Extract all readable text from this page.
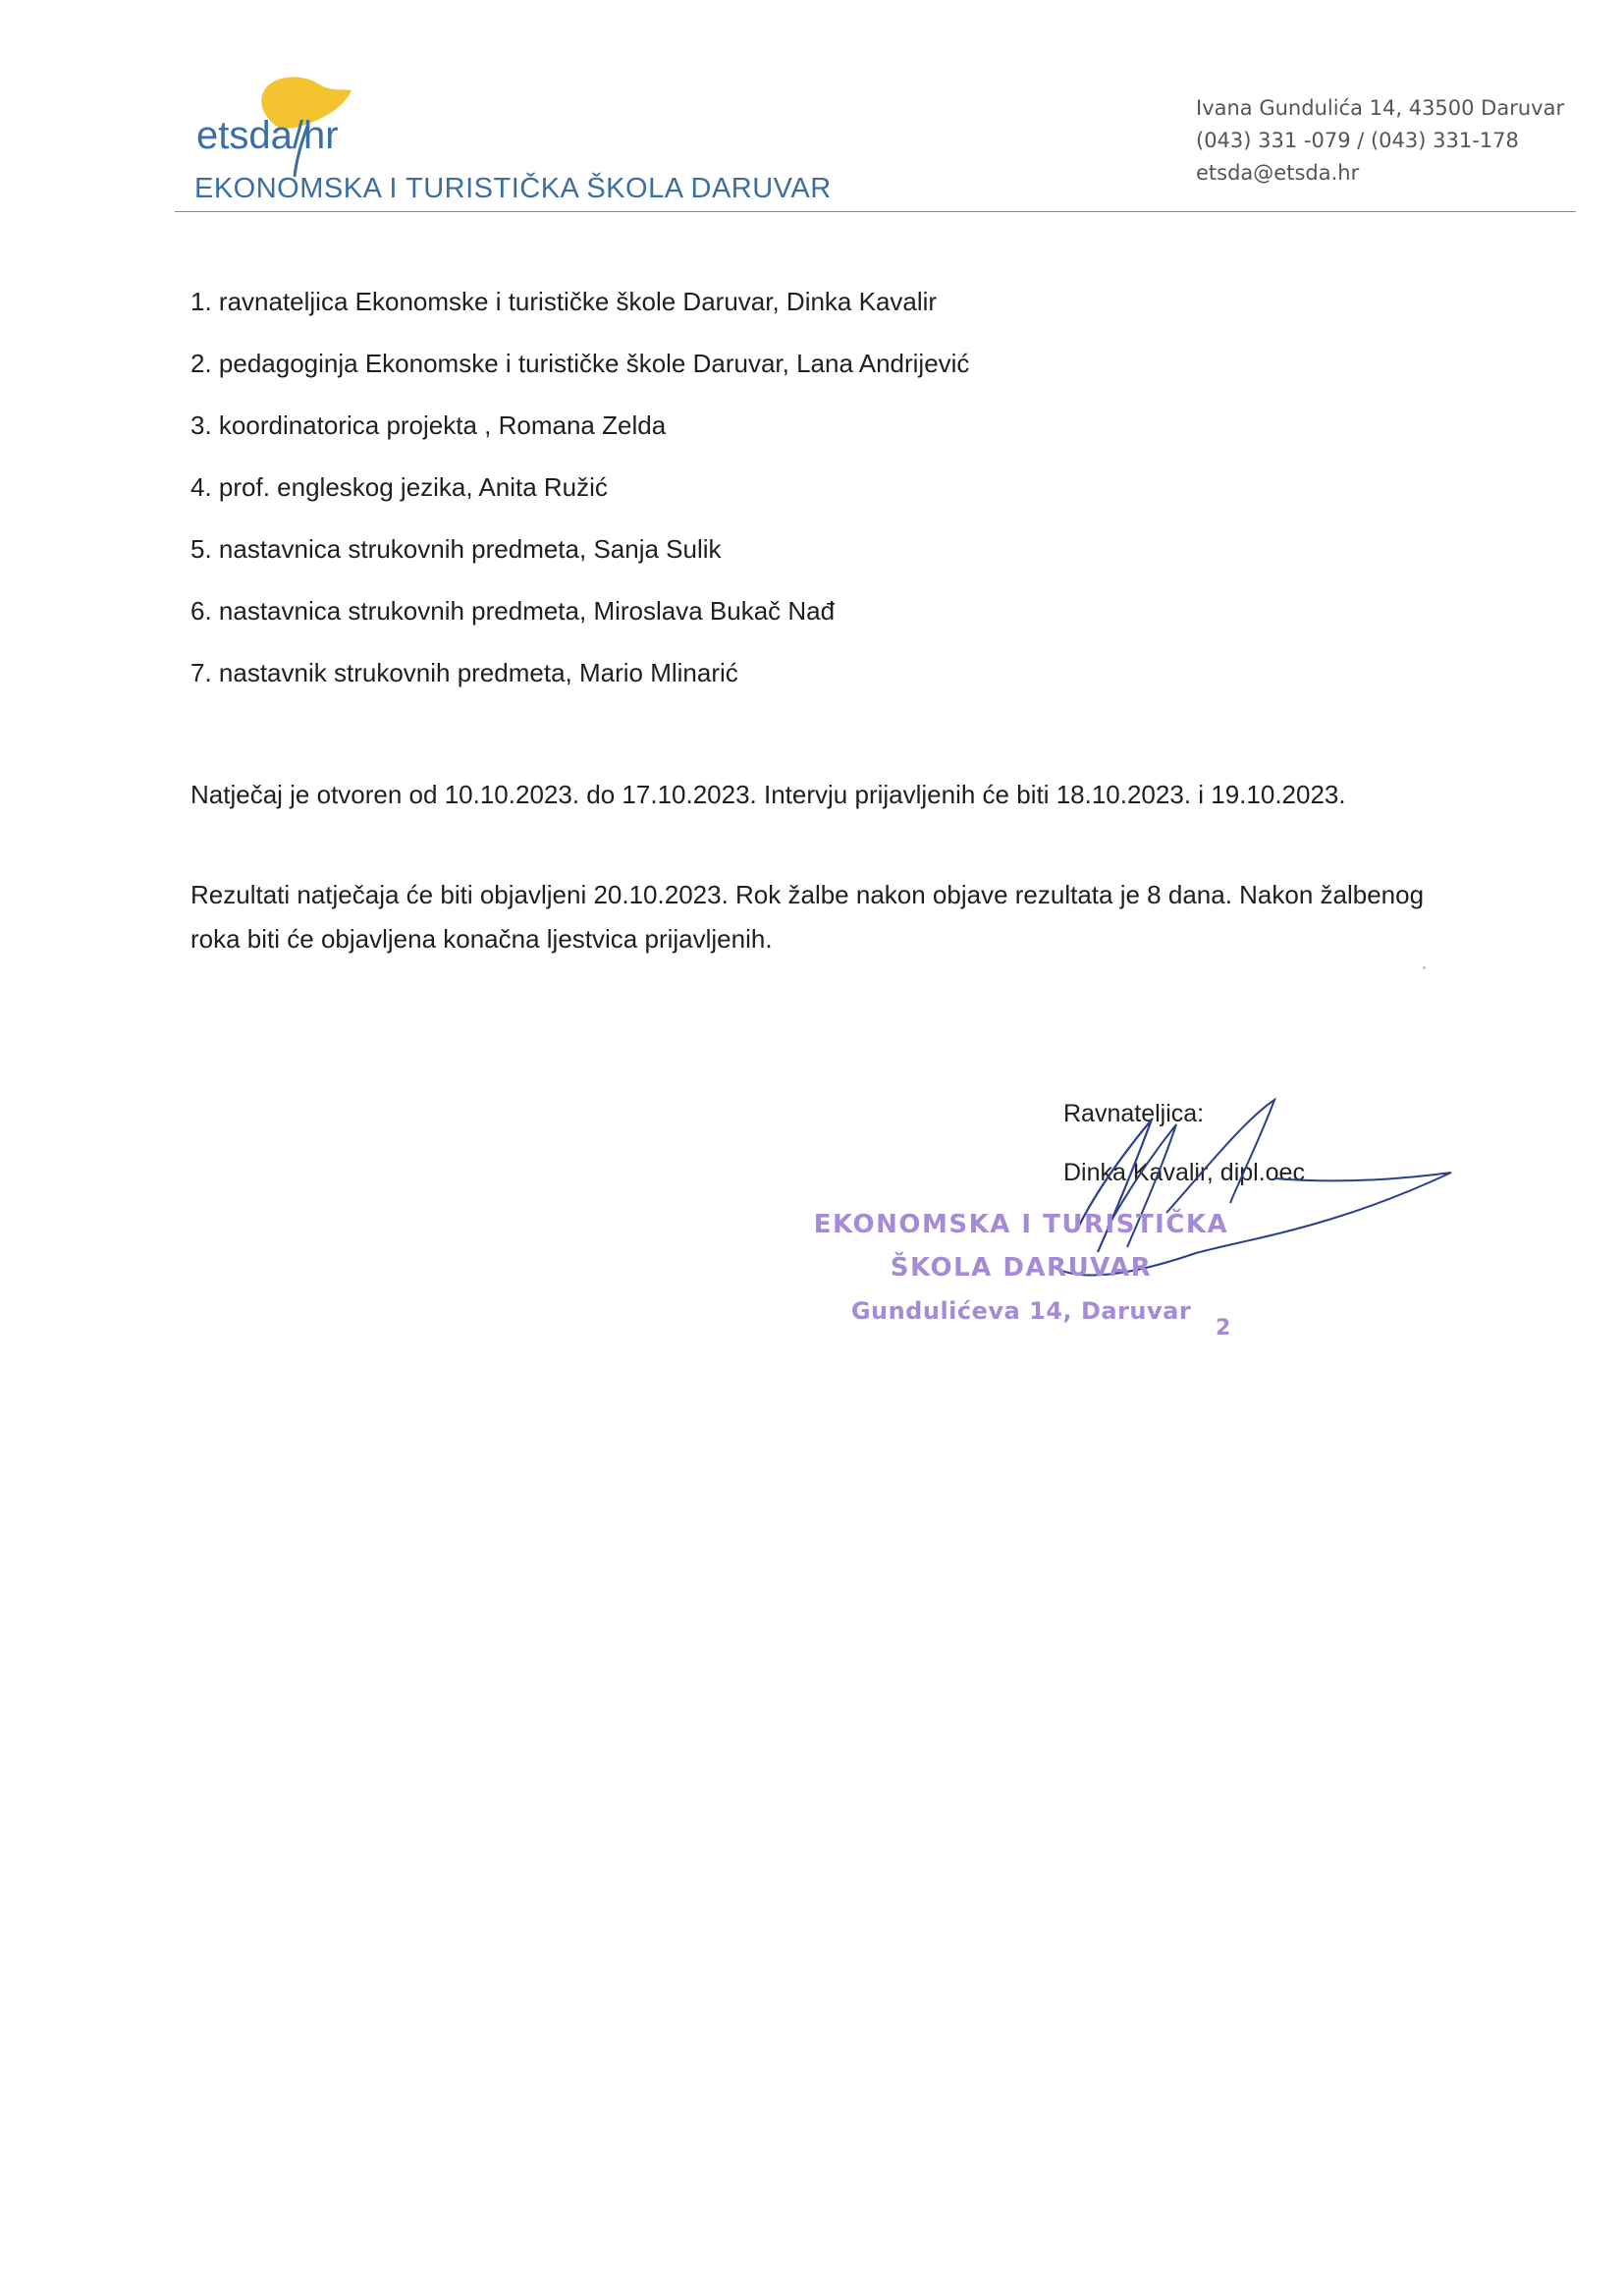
etsda/hr
EKONOMSKA I TURISTIČKA ŠKOLA DARUVAR
Ivana Gundulića 14, 43500 Daruvar
(043) 331 -079 / (043) 331-178
etsda@etsda.hr
1. ravnateljica Ekonomske i turističke škole Daruvar, Dinka Kavalir
2. pedagoginja Ekonomske i turističke škole Daruvar, Lana Andrijević
3. koordinatorica projekta , Romana Zelda
4. prof. engleskog jezika, Anita Ružić
5. nastavnica strukovnih predmeta, Sanja Sulik
6. nastavnica strukovnih predmeta, Miroslava Bukač Nađ
7. nastavnik strukovnih predmeta, Mario Mlinarić

Natječaj je otvoren od 10.10.2023. do 17.10.2023. Intervju prijavljenih će biti 18.10.2023. i 19.10.2023.

Rezultati natječaja će biti objavljeni 20.10.2023. Rok žalbe nakon objave rezultata je 8 dana. Nakon žalbenog roka biti će objavljena konačna ljestvica prijavljenih.

Ravnateljica:
Dinka Kavalir, dipl.oec
EKONOMSKA I TURISTIČKA
ŠKOLA DARUVAR
Gundulićeva 14, Daruvar
2
